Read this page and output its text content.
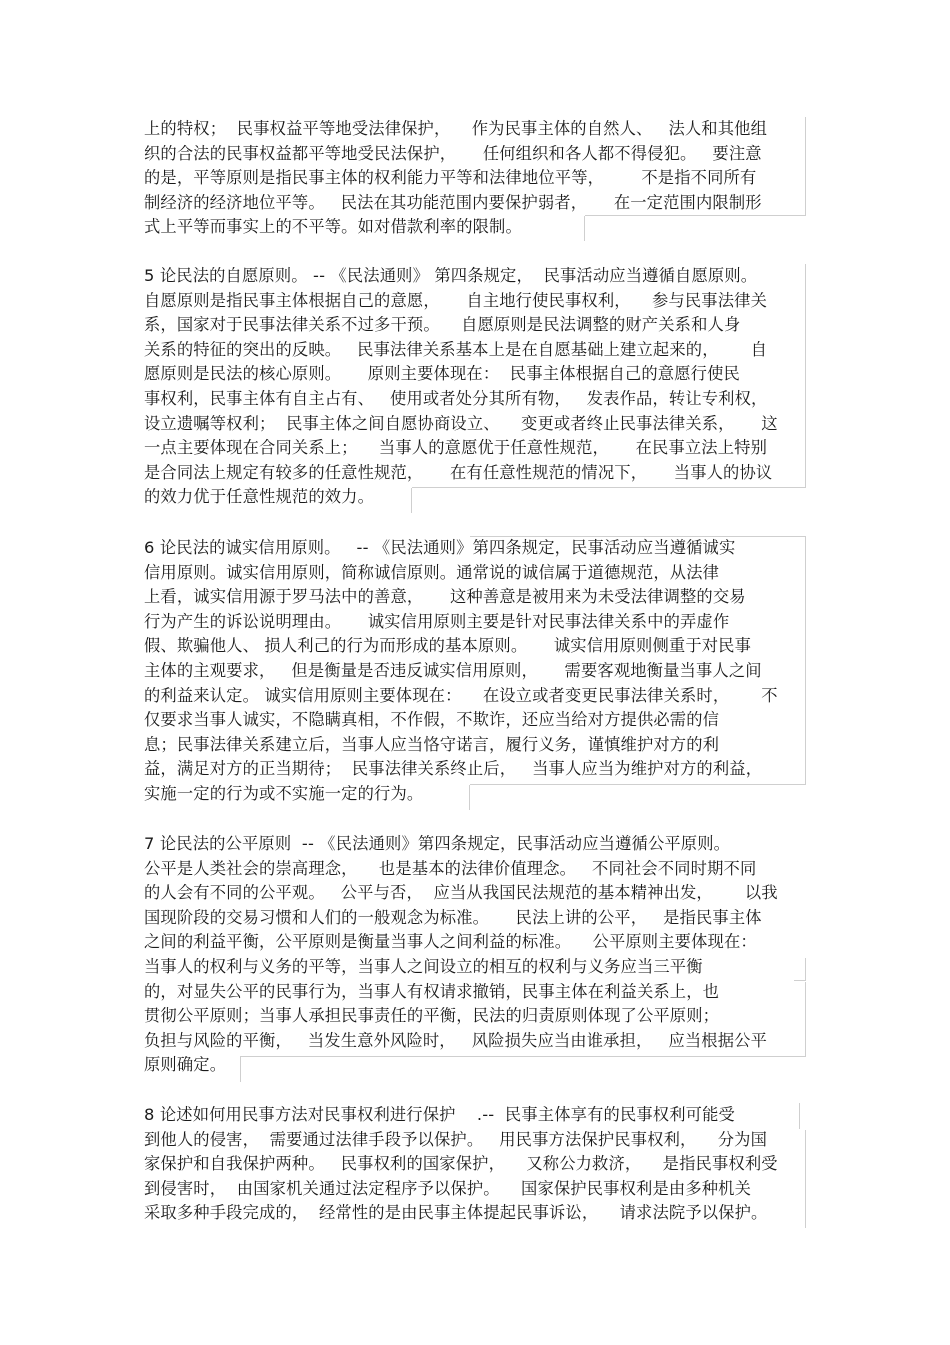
上的特权；  民事权益平等地受法律保护，    作为民事主体的自然人、   法人和其他组
织的合法的民事权益都平等地受民法保护，     任何组织和各人都不得侵犯。   要注意
的是，平等原则是指民事主体的权利能力平等和法律地位平等，       不是指不同所有
制经济的经济地位平等。   民法在其功能范围内要保护弱者，     在一定范围内限制形
式上平等而事实上的不平等。如对借款利率的限制。
5 论民法的自愿原则。 -- 《民法通则》 第四条规定，  民事活动应当遵循自愿原则。
自愿原则是指民事主体根据自己的意愿，     自主地行使民事权利，    参与民事法律关
系，国家对于民事法律关系不过多干预。    自愿原则是民法调整的财产关系和人身
关系的特征的突出的反映。   民事法律关系基本上是在自愿基础上建立起来的，      自
愿原则是民法的核心原则。     原则主要体现在：  民事主体根据自己的意愿行使民
事权利，民事主体有自主占有、   使用或者处分其所有物，   发表作品，转让专利权，
设立遗嘱等权利；  民事主体之间自愿协商设立、    变更或者终止民事法律关系，     这
一点主要体现在合同关系上；    当事人的意愿优于任意性规范，     在民事立法上特别
是合同法上规定有较多的任意性规范，     在有任意性规范的情况下，     当事人的协议
的效力优于任意性规范的效力。
6 论民法的诚实信用原则。   -- 《民法通则》第四条规定，民事活动应当遵循诚实
信用原则。诚实信用原则，简称诚信原则。通常说的诚信属于道德规范，从法律
上看，诚实信用源于罗马法中的善意，     这种善意是被用来为未受法律调整的交易
行为产生的诉讼说明理由。     诚实信用原则主要是针对民事法律关系中的弄虚作
假、欺骗他人、 损人利己的行为而形成的基本原则。     诚实信用原则侧重于对民事
主体的主观要求，   但是衡量是否违反诚实信用原则，     需要客观地衡量当事人之间
的利益来认定。 诚实信用原则主要体现在：    在设立或者变更民事法律关系时，      不
仅要求当事人诚实，不隐瞒真相，不作假，不欺诈，还应当给对方提供必需的信
息；民事法律关系建立后，当事人应当恪守诺言，履行义务，谨慎维护对方的利
益，满足对方的正当期待；  民事法律关系终止后，   当事人应当为维护对方的利益，
实施一定的行为或不实施一定的行为。
7 论民法的公平原则  -- 《民法通则》第四条规定，民事活动应当遵循公平原则。
公平是人类社会的崇高理念，    也是基本的法律价值理念。   不同社会不同时期不同
的人会有不同的公平观。   公平与否，  应当从我国民法规范的基本精神出发，      以我
国现阶段的交易习惯和人们的一般观念为标准。     民法上讲的公平，   是指民事主体
之间的利益平衡，公平原则是衡量当事人之间利益的标准。    公平原则主要体现在：
当事人的权利与义务的平等，当事人之间设立的相互的权利与义务应当三平衡
的，对显失公平的民事行为，当事人有权请求撤销，民事主体在利益关系上，也
贯彻公平原则；当事人承担民事责任的平衡，民法的归责原则体现了公平原则；
负担与风险的平衡，   当发生意外风险时，   风险损失应当由谁承担，   应当根据公平
原则确定。
8 论述如何用民事方法对民事权利进行保护    .--  民事主体享有的民事权利可能受
到他人的侵害，  需要通过法律手段予以保护。   用民事方法保护民事权利，    分为国
家保护和自我保护两种。   民事权利的国家保护，    又称公力救济，    是指民事权利受
到侵害时，  由国家机关通过法定程序予以保护。    国家保护民事权利是由多种机关
采取多种手段完成的，  经常性的是由民事主体提起民事诉讼，    请求法院予以保护。
